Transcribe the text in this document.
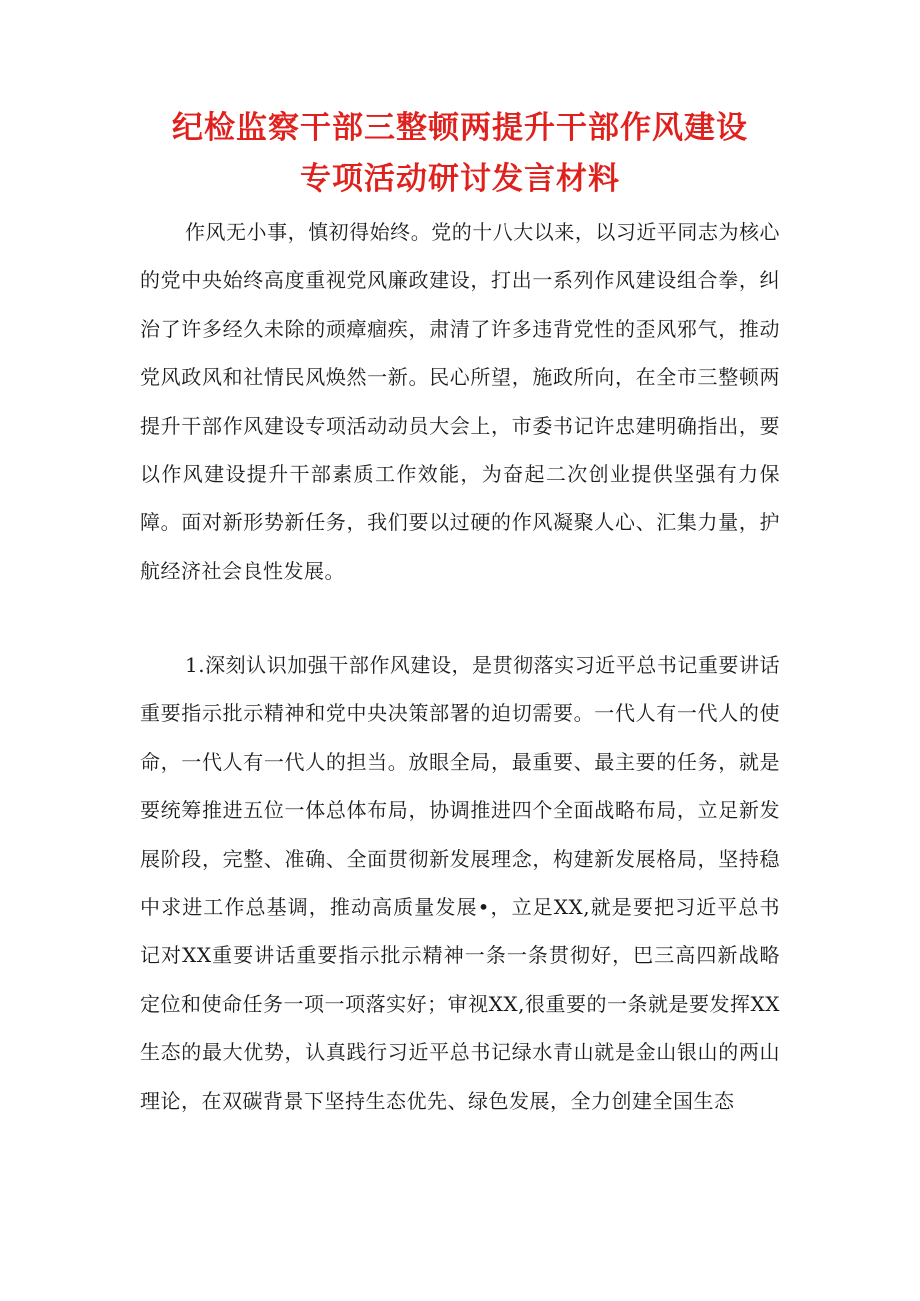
纪检监察干部三整顿两提升干部作风建设
专项活动研讨发言材料

作风无小事，慎初得始终。党的十八大以来，以习近平同志为核心的党中央始终高度重视党风廉政建设，打出一系列作风建设组合拳，纠治了许多经久未除的顽瘴痼疾，肃清了许多违背党性的歪风邪气，推动党风政风和社情民风焕然一新。民心所望，施政所向，在全市三整顿两提升干部作风建设专项活动动员大会上，市委书记许忠建明确指出，要以作风建设提升干部素质工作效能，为奋起二次创业提供坚强有力保障。面对新形势新任务，我们要以过硬的作风凝聚人心、汇集力量，护航经济社会良性发展。

1.深刻认识加强干部作风建设，是贯彻落实习近平总书记重要讲话重要指示批示精神和党中央决策部署的迫切需要。一代人有一代人的使命，一代人有一代人的担当。放眼全局，最重要、最主要的任务，就是要统筹推进五位一体总体布局，协调推进四个全面战略布局，立足新发展阶段，完整、准确、全面贯彻新发展理念，构建新发展格局，坚持稳中求进工作总基调，推动高质量发展•，立足XX,就是要把习近平总书记对XX重要讲话重要指示批示精神一条一条贯彻好，巴三高四新战略定位和使命任务一项一项落实好；审视XX,很重要的一条就是要发挥XX生态的最大优势，认真践行习近平总书记绿水青山就是金山银山的两山理论，在双碳背景下坚持生态优先、绿色发展，全力创建全国生态
